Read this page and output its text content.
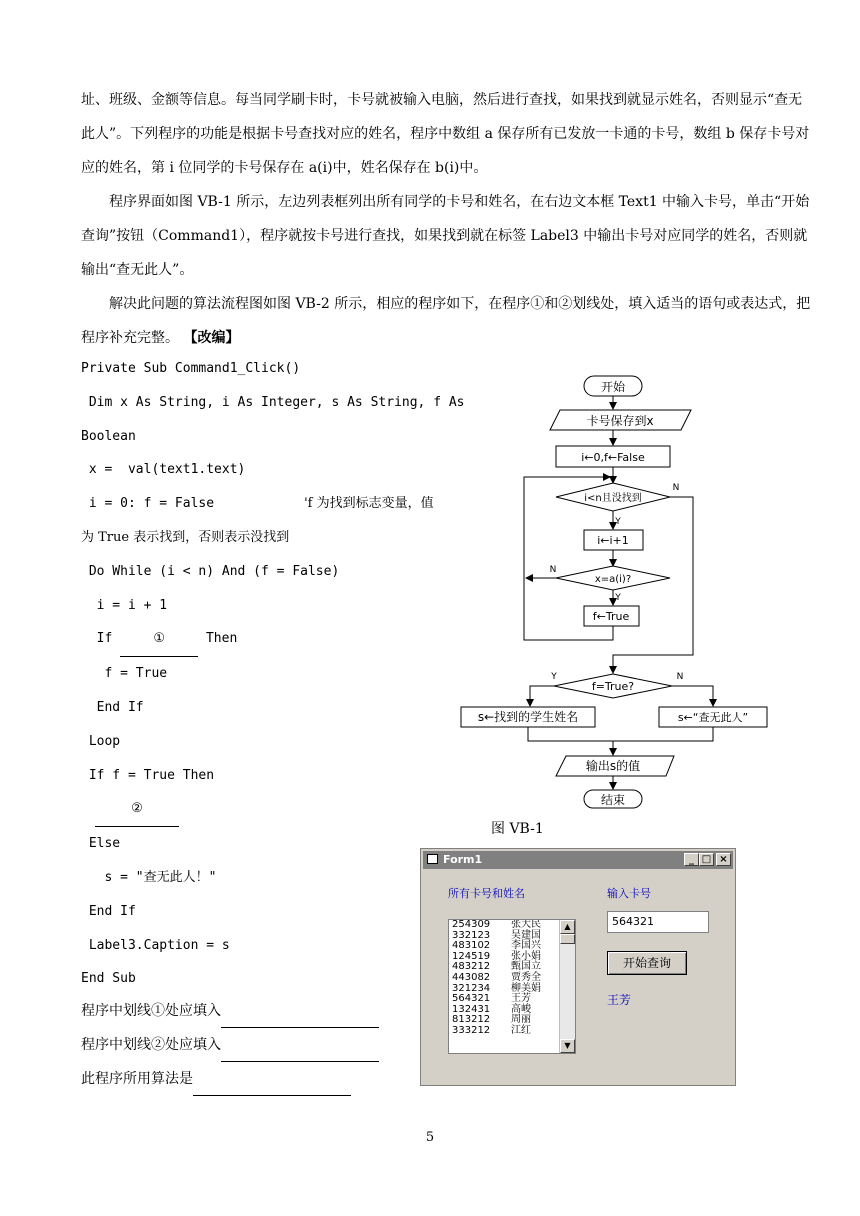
址、班级、金额等信息。每当同学刷卡时，卡号就被输入电脑，然后进行查找，如果找到就显示姓名，否则显示“查无此人”。下列程序的功能是根据卡号查找对应的姓名，程序中数组 a 保存所有已发放一卡通的卡号，数组 b 保存卡号对应的姓名，第 i 位同学的卡号保存在 a(i)中，姓名保存在 b(i)中。

程序界面如图 VB-1 所示，左边列表框列出所有同学的卡号和姓名，在右边文本框 Text1 中输入卡号，单击“开始查询”按钮（Command1），程序就按卡号进行查找，如果找到就在标签 Label3 中输出卡号对应同学的姓名，否则就输出“查无此人”。

解决此问题的算法流程图如图 VB-2 所示，相应的程序如下，在程序①和②划线处，填入适当的语句或表达式，把程序补充完整。 【改编】

Private Sub Command1_Click()
Dim x As String, i As Integer, s As String, f As
Boolean
x =  val(text1.text)
i = 0: f = False	'f 为找到标志变量，值
为 True 表示找到，否则表示没找到
Do While (i < n) And (f = False)
i = i + 1
If	①	Then
f = True
End If
Loop
If f = True Then
②
Else
s = "查无此人！"
End If
Label3.Caption = s
End Sub
程序中划线①处应填入
程序中划线②处应填入
此程序所用算法是
开始
卡号保存到x
i←0,f←False
i<n且没找到
i←i+1
x=a(i)?
f←True
f=True?
s←找到的学生姓名	s←“查无此人”
输出s的值
结束
Y
N
N
Y
Y	N
图 VB-1
Form1	_ □ ×
所有卡号和姓名	输入卡号
254309 张大民
332123 吴建国
483102 李国兴
124519 张小娟
483212 甄国立
443082 贾秀全
321234 柳美娟
564321 王芳
132431 高峻
813212 周丽
333212 江红
▲
▼
564321
开始查询
王芳
5
